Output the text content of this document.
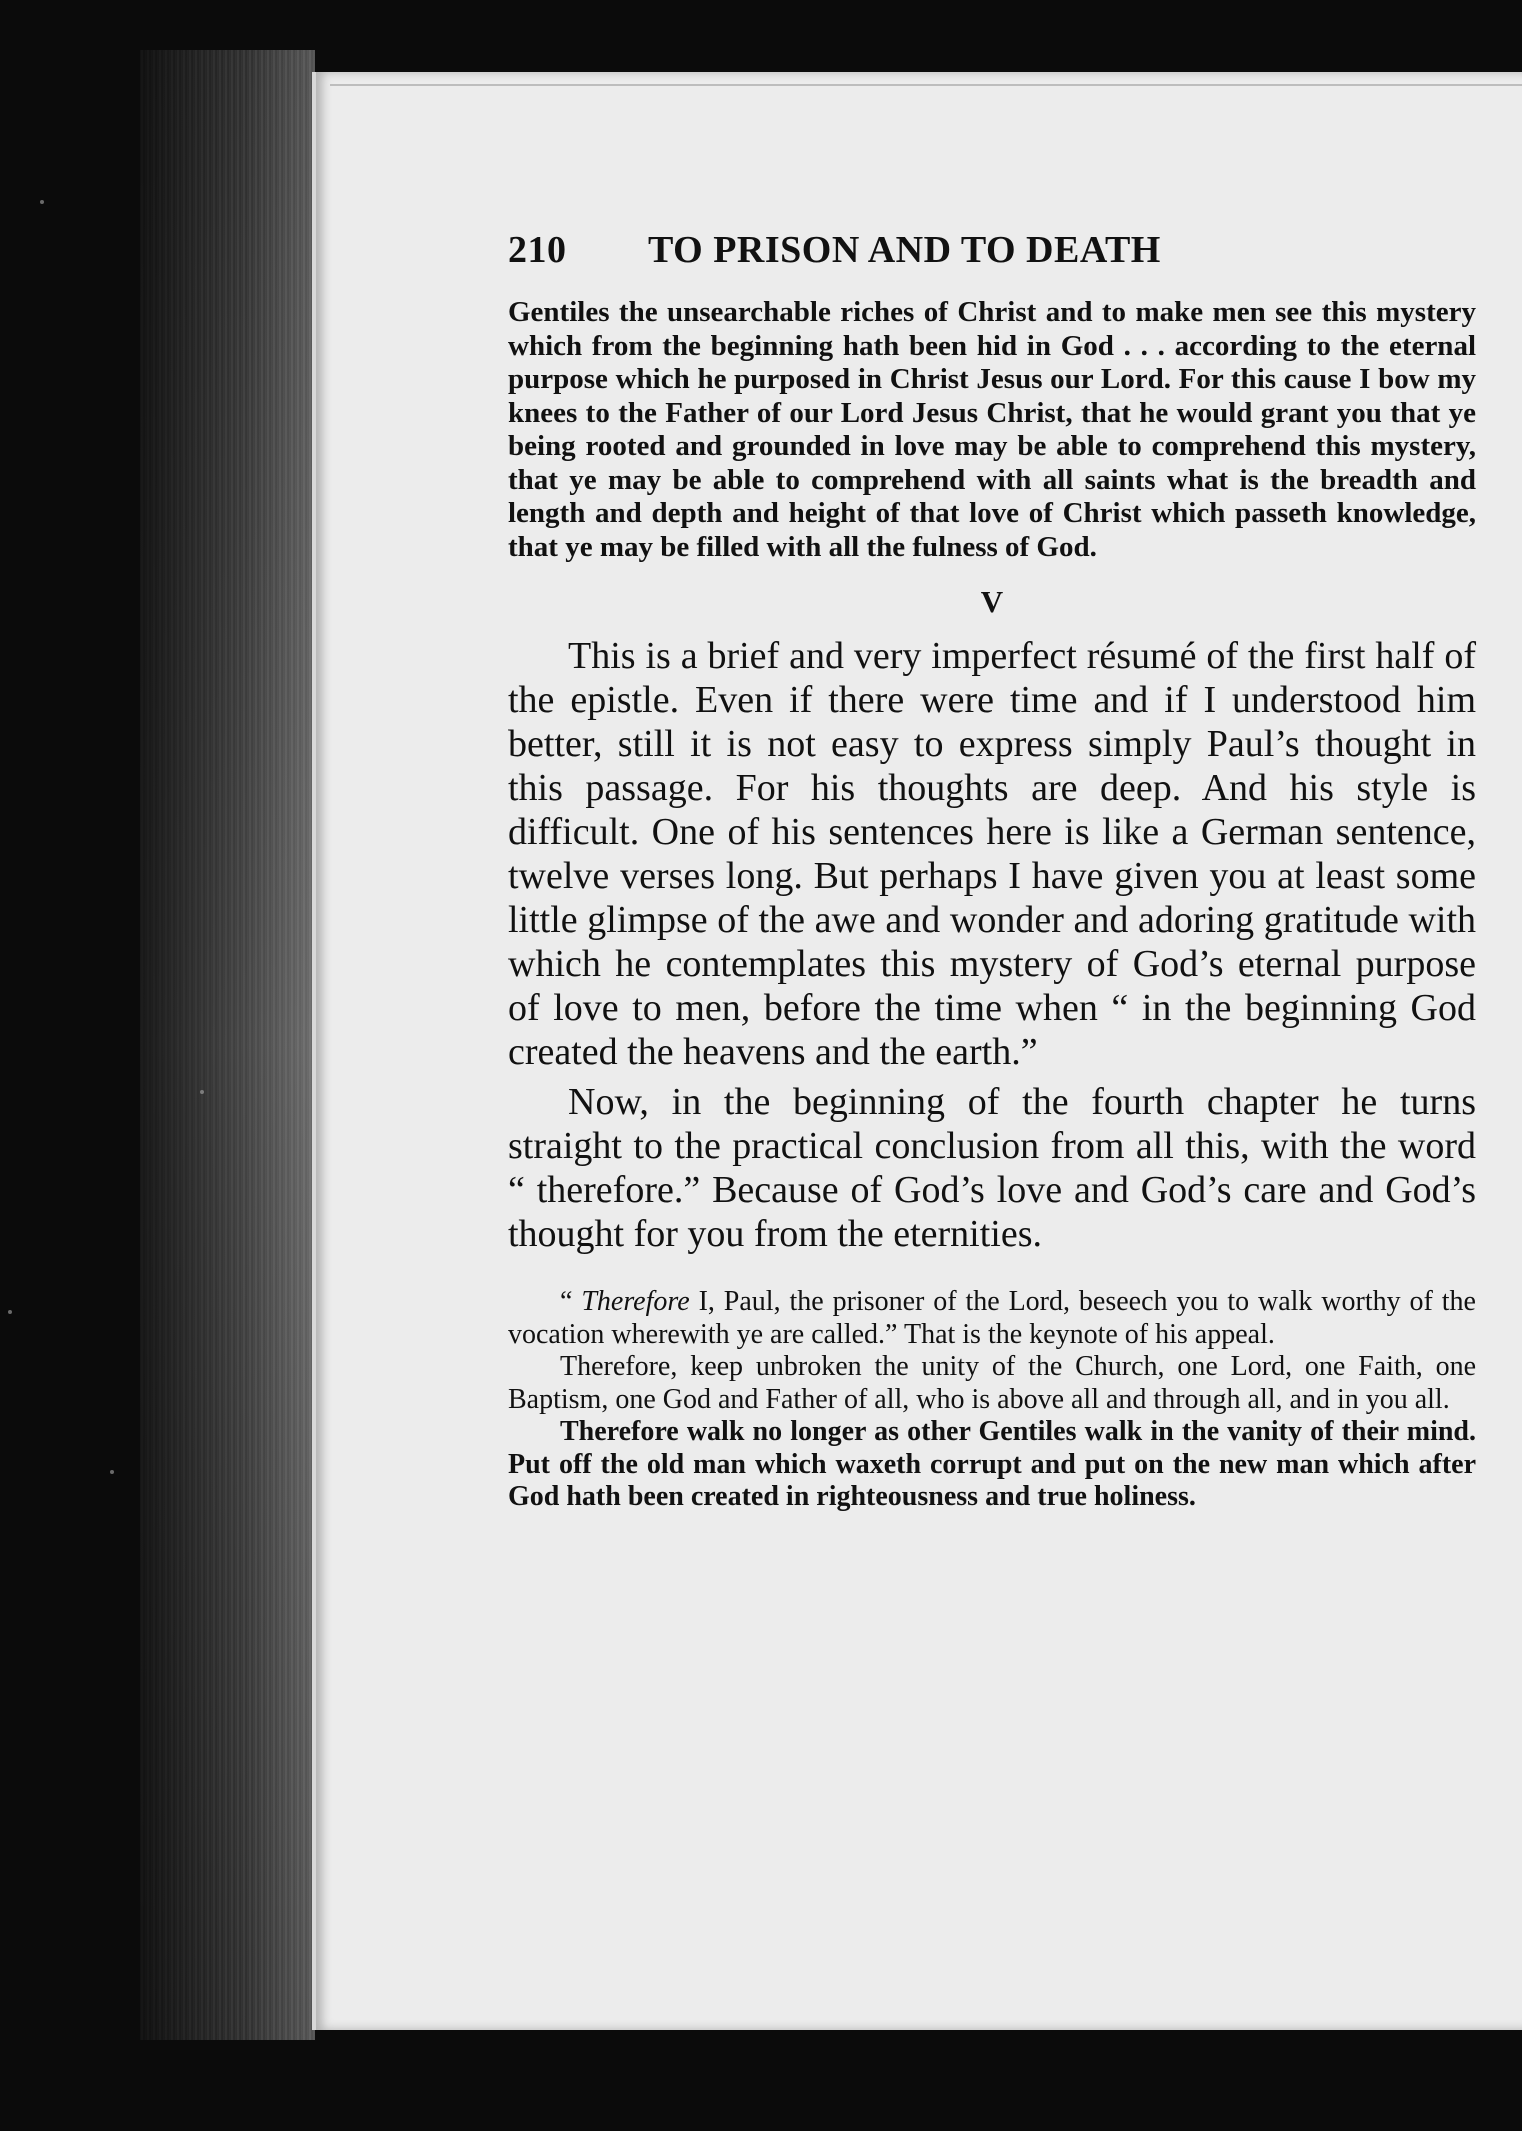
210	TO PRISON AND TO DEATH
Gentiles the unsearchable riches of Christ and to make men see this mystery which from the beginning hath been hid in God . . . according to the eternal purpose which he purposed in Christ Jesus our Lord. For this cause I bow my knees to the Father of our Lord Jesus Christ, that he would grant you that ye being rooted and grounded in love may be able to comprehend this mystery, that ye may be able to comprehend with all saints what is the breadth and length and depth and height of that love of Christ which passeth knowledge, that ye may be filled with all the fulness of God.
V

This is a brief and very imperfect résumé of the first half of the epistle. Even if there were time and if I understood him better, still it is not easy to express simply Paul’s thought in this passage. For his thoughts are deep. And his style is difficult. One of his sentences here is like a German sentence, twelve verses long. But perhaps I have given you at least some little glimpse of the awe and wonder and adoring gratitude with which he contemplates this mystery of God’s eternal purpose of love to men, before the time when “ in the beginning God created the heavens and the earth.”

Now, in the beginning of the fourth chapter he turns straight to the practical conclusion from all this, with the word “ therefore.” Because of God’s love and God’s care and God’s thought for you from the eternities.

“ Therefore I, Paul, the prisoner of the Lord, beseech you to walk worthy of the vocation wherewith ye are called.” That is the keynote of his appeal.

Therefore, keep unbroken the unity of the Church, one Lord, one Faith, one Baptism, one God and Father of all, who is above all and through all, and in you all.

Therefore walk no longer as other Gentiles walk in the vanity of their mind. Put off the old man which waxeth corrupt and put on the new man which after God hath been created in righteousness and true holiness.
